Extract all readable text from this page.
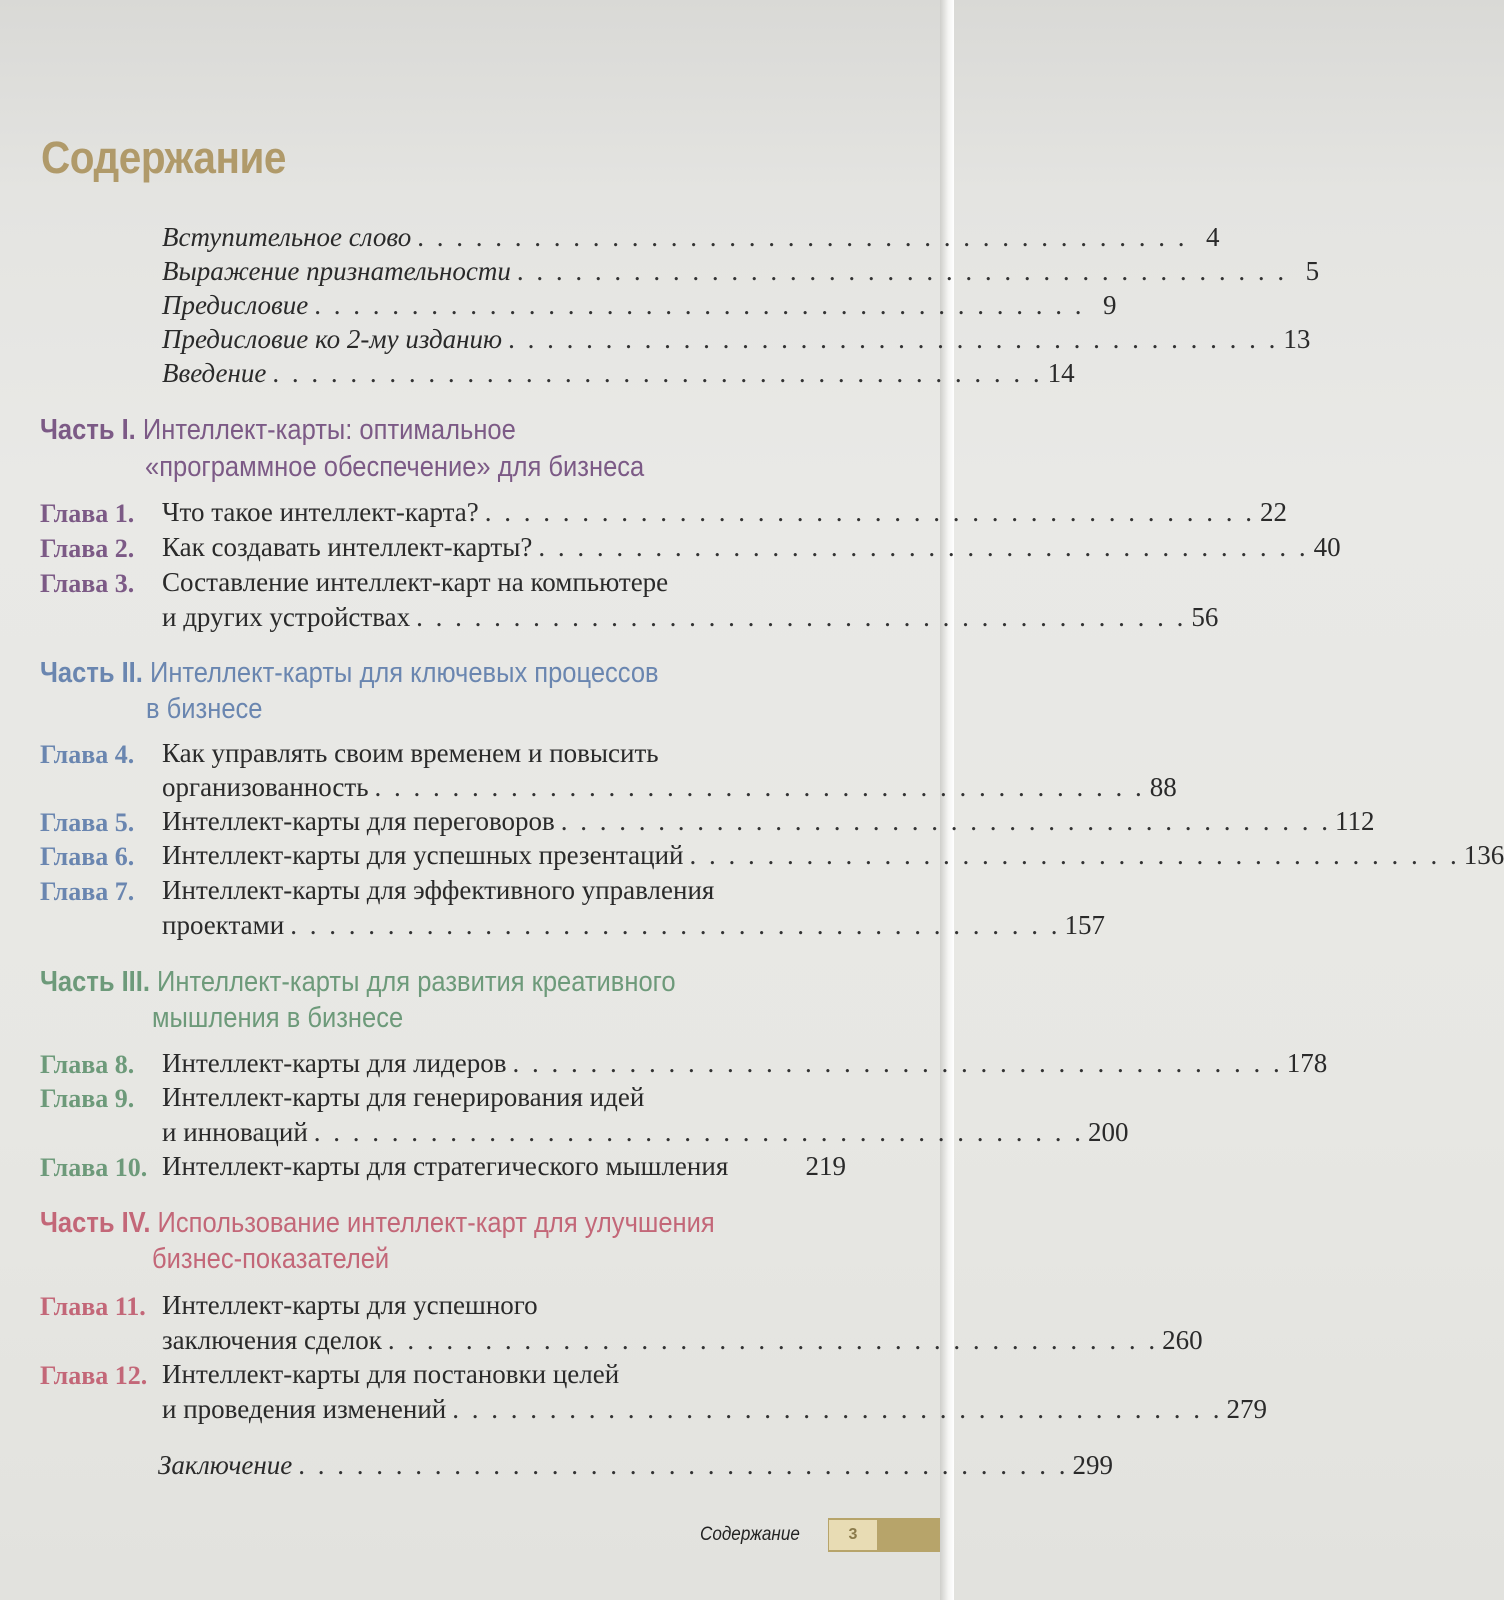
Содержание
Вступительное слово . . . . . . . . . . . . . . . . . . . . . . . . . . . . . . . . . . . . . . . . 4
Выражение признательности . . . . . . . . . . . . . . . . . . . . . . . . . . . . . . . . . . . . . . . . 5
Предисловие . . . . . . . . . . . . . . . . . . . . . . . . . . . . . . . . . . . . . . . . 9
Предисловие ко 2-му изданию . . . . . . . . . . . . . . . . . . . . . . . . . . . . . . . . . . . . . . . . 13
Введение . . . . . . . . . . . . . . . . . . . . . . . . . . . . . . . . . . . . . . . . 14
Часть I. Интеллект-карты: оптимальное
«программное обеспечение» для бизнеса
Глава 1. Что такое интеллект-карта? . . . . . . . . . . . . . . . . . . . . . . . . . . . . . . . . . . . . . . . . 22
Глава 2. Как создавать интеллект-карты? . . . . . . . . . . . . . . . . . . . . . . . . . . . . . . . . . . . . . . . . 40
Глава 3. Составление интеллект-карт на компьютере
и других устройствах . . . . . . . . . . . . . . . . . . . . . . . . . . . . . . . . . . . . . . . . 56
Часть II. Интеллект-карты для ключевых процессов
в бизнесе
Глава 4. Как управлять своим временем и повысить
организованность . . . . . . . . . . . . . . . . . . . . . . . . . . . . . . . . . . . . . . . . 88
Глава 5. Интеллект-карты для переговоров . . . . . . . . . . . . . . . . . . . . . . . . . . . . . . . . . . . . . . . . 112
Глава 6. Интеллект-карты для успешных презентаций . . . . . . . . . . . . . . . . . . . . . . . . . . . . . . . . . . . . . . . . 136
Глава 7. Интеллект-карты для эффективного управления
проектами . . . . . . . . . . . . . . . . . . . . . . . . . . . . . . . . . . . . . . . . 157
Часть III. Интеллект-карты для развития креативного
мышления в бизнесе
Глава 8. Интеллект-карты для лидеров . . . . . . . . . . . . . . . . . . . . . . . . . . . . . . . . . . . . . . . . 178
Глава 9. Интеллект-карты для генерирования идей
и инноваций . . . . . . . . . . . . . . . . . . . . . . . . . . . . . . . . . . . . . . . . 200
Глава 10. Интеллект-карты для стратегического мышления	219
Часть IV. Использование интеллект-карт для улучшения
бизнес-показателей
Глава 11. Интеллект-карты для успешного
заключения сделок . . . . . . . . . . . . . . . . . . . . . . . . . . . . . . . . . . . . . . . . 260
Глава 12. Интеллект-карты для постановки целей
и проведения изменений . . . . . . . . . . . . . . . . . . . . . . . . . . . . . . . . . . . . . . . . 279
Заключение . . . . . . . . . . . . . . . . . . . . . . . . . . . . . . . . . . . . . . . . 299

Содержание	3
